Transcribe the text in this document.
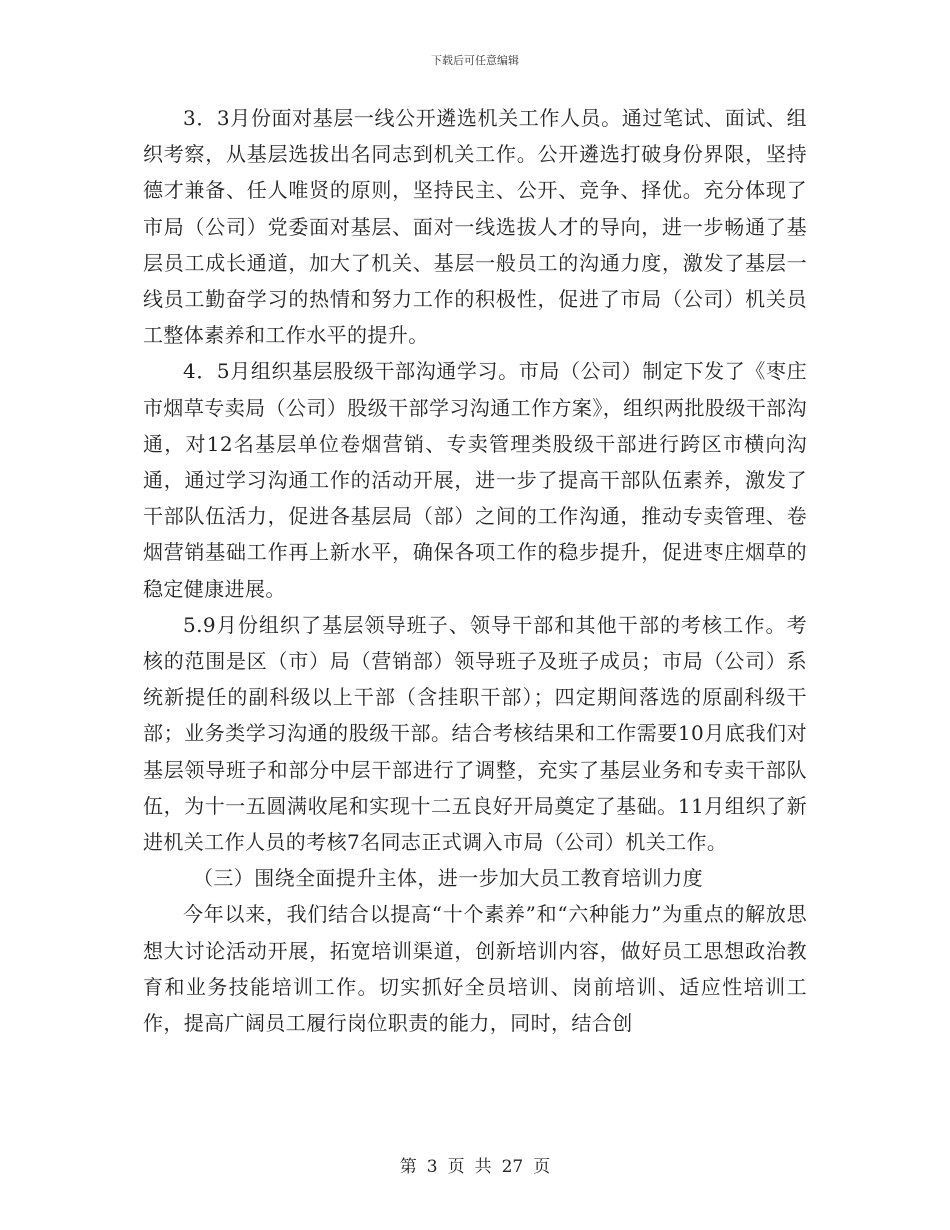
下载后可任意编辑

3．3月份面对基层一线公开遴选机关工作人员。通过笔试、面试、组织考察，从基层选拔出名同志到机关工作。公开遴选打破身份界限，坚持德才兼备、任人唯贤的原则，坚持民主、公开、竞争、择优。充分体现了市局（公司）党委面对基层、面对一线选拔人才的导向，进一步畅通了基层员工成长通道，加大了机关、基层一般员工的沟通力度，激发了基层一线员工勤奋学习的热情和努力工作的积极性，促进了市局（公司）机关员工整体素养和工作水平的提升。

4．5月组织基层股级干部沟通学习。市局（公司）制定下发了《枣庄市烟草专卖局（公司）股级干部学习沟通工作方案》，组织两批股级干部沟通，对12名基层单位卷烟营销、专卖管理类股级干部进行跨区市横向沟通，通过学习沟通工作的活动开展，进一步了提高干部队伍素养，激发了干部队伍活力，促进各基层局（部）之间的工作沟通，推动专卖管理、卷烟营销基础工作再上新水平，确保各项工作的稳步提升，促进枣庄烟草的稳定健康进展。

5.9月份组织了基层领导班子、领导干部和其他干部的考核工作。考核的范围是区（市）局（营销部）领导班子及班子成员；市局（公司）系统新提任的副科级以上干部（含挂职干部）；四定期间落选的原副科级干部；业务类学习沟通的股级干部。结合考核结果和工作需要10月底我们对基层领导班子和部分中层干部进行了调整，充实了基层业务和专卖干部队伍，为十一五圆满收尾和实现十二五良好开局奠定了基础。11月组织了新进机关工作人员的考核7名同志正式调入市局（公司）机关工作。

（三）围绕全面提升主体，进一步加大员工教育培训力度

今年以来，我们结合以提高“十个素养”和“六种能力”为重点的解放思想大讨论活动开展，拓宽培训渠道，创新培训内容，做好员工思想政治教育和业务技能培训工作。切实抓好全员培训、岗前培训、适应性培训工作，提高广阔员工履行岗位职责的能力，同时，结合创

第 3 页 共 27 页
